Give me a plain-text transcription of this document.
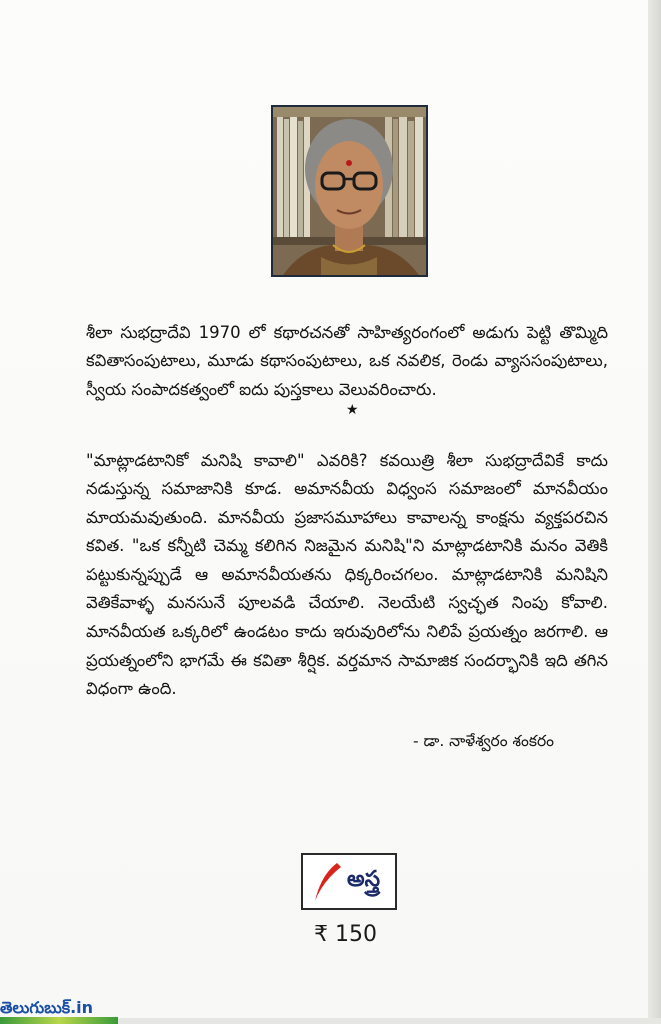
శీలా సుభద్రాదేవి 1970 లో కథారచనతో సాహిత్యరంగంలో అడుగు పెట్టి తొమ్మిది కవితాసంపుటాలు, మూడు కథాసంపుటాలు, ఒక నవలిక, రెండు వ్యాససంపుటాలు, స్వీయ సంపాదకత్వంలో ఐదు పుస్తకాలు వెలువరించారు.

★

"మాట్లాడటానికో మనిషి కావాలి" ఎవరికి? కవయిత్రి శీలా సుభద్రాదేవికే కాదు నడుస్తున్న సమాజానికి కూడ. అమానవీయ విధ్వంస సమాజంలో మానవీయం మాయమవుతుంది. మానవీయ ప్రజాసమూహాలు కావాలన్న కాంక్షను వ్యక్తపరచిన కవిత. "ఒక కన్నీటి చెమ్మ కలిగిన నిజమైన మనిషి"ని మాట్లాడటానికి మనం వెతికి పట్టుకున్నప్పుడే ఆ అమానవీయతను ధిక్కరించగలం. మాట్లాడటానికి మనిషిని వెతికేవాళ్ళ మనసునే పూలవడి చేయాలి. నెలయేటి స్వచ్ఛత నింపు కోవాలి. మానవీయత ఒక్కరిలో ఉండటం కాదు ఇరువురిలోను నిలిపే ప్రయత్నం జరగాలి. ఆ ప్రయత్నంలోని భాగమే ఈ కవితా శీర్షిక. వర్తమాన సామాజిక సందర్భానికి ఇది తగిన విధంగా ఉంది.

- డా. నాళేశ్వరం శంకరం
అస్త్ర
₹ 150
తెలుగుబుక్.in
